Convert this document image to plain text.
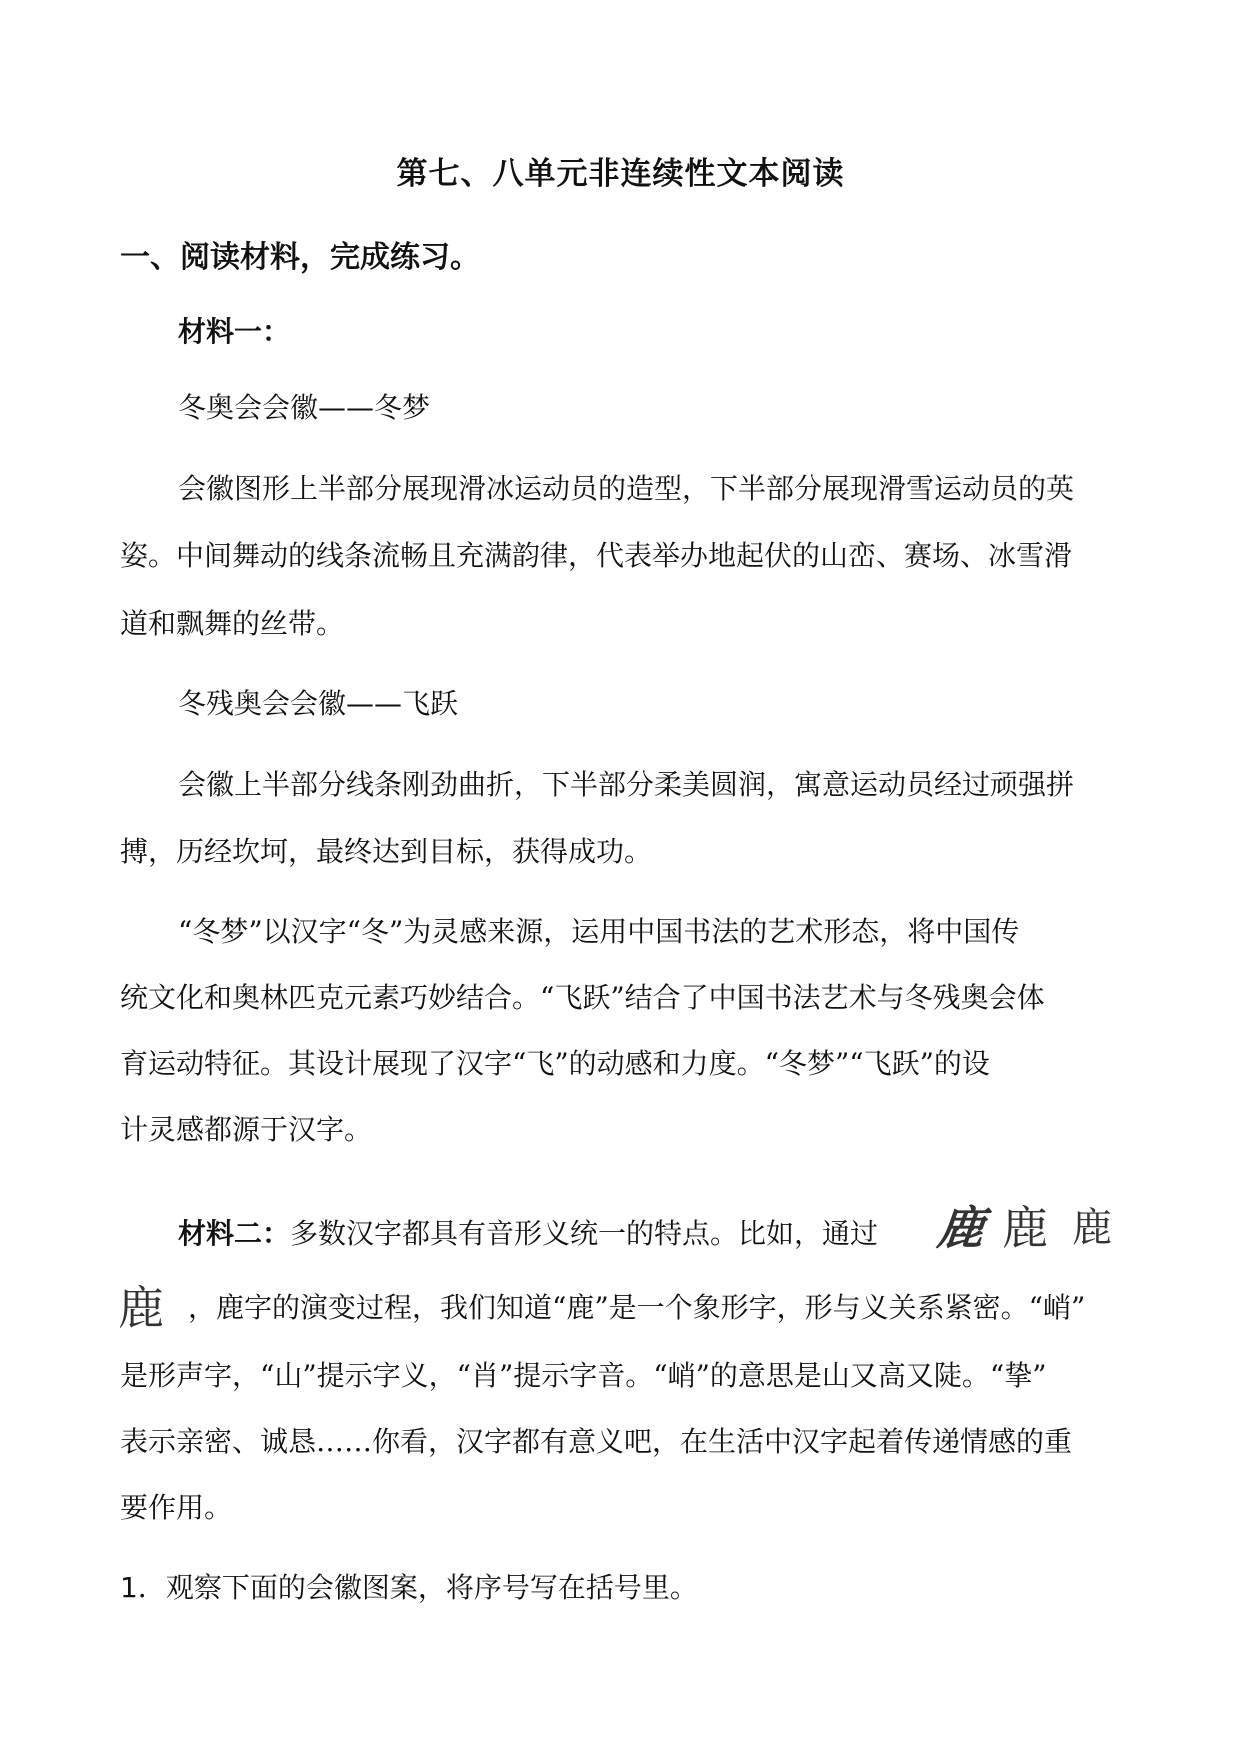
第七、八单元非连续性文本阅读
一、阅读材料，完成练习。
材料一：
冬奥会会徽——冬梦
会徽图形上半部分展现滑冰运动员的造型，下半部分展现滑雪运动员的英
姿。中间舞动的线条流畅且充满韵律，代表举办地起伏的山峦、赛场、冰雪滑
道和飘舞的丝带。
冬残奥会会徽——飞跃
会徽上半部分线条刚劲曲折，下半部分柔美圆润，寓意运动员经过顽强拼
搏，历经坎坷，最终达到目标，获得成功。
“冬梦”以汉字“冬”为灵感来源，运用中国书法的艺术形态，将中国传
统文化和奥林匹克元素巧妙结合。“飞跃”结合了中国书法艺术与冬残奥会体
育运动特征。其设计展现了汉字“飞”的动感和力度。“冬梦”“飞跃”的设
计灵感都源于汉字。
材料二：多数汉字都具有音形义统一的特点。比如，通过	鹿 鹿 鹿
鹿 ，鹿字的演变过程，我们知道“鹿”是一个象形字，形与义关系紧密。“峭”
是形声字，“山”提示字义，“肖”提示字音。“峭”的意思是山又高又陡。“挚”
表示亲密、诚恳……你看，汉字都有意义吧，在生活中汉字起着传递情感的重
要作用。
1．观察下面的会徽图案，将序号写在括号里。
